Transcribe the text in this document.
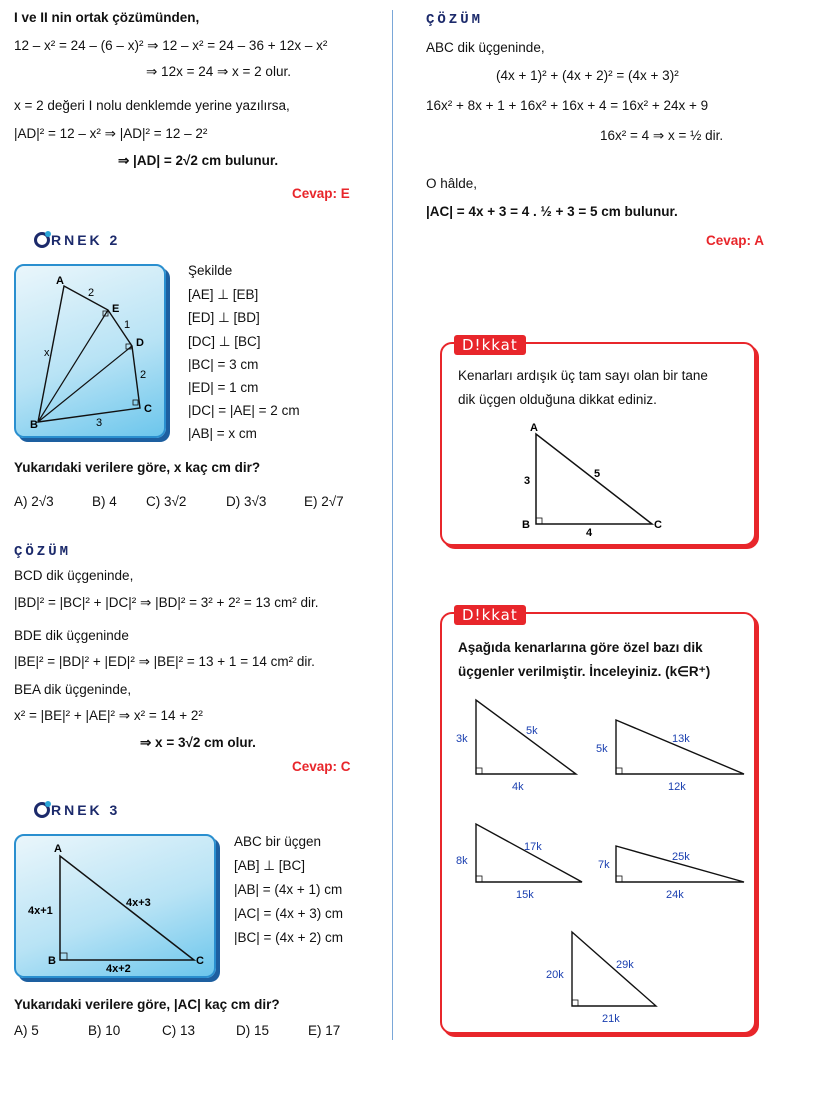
I ve II nin ortak çözümünden,
12 – x² = 24 – (6 – x)² ⇒ 12 – x² = 24 – 36 + 12x – x²
⇒ 12x = 24 ⇒ x = 2 olur.
x = 2 değeri I nolu denklemde yerine yazılırsa,
|AD|² = 12 – x² ⇒ |AD|² = 12 – 2²
⇒ |AD| = 2√2 cm bulunur.
Cevap: E
RNEK 2
A
2
E
1
D
x
2
B	3
C
Şekilde
[AE] ⊥ [EB]
[ED] ⊥ [BD]
[DC] ⊥ [BC]
|BC| = 3 cm
|ED| = 1 cm
|DC| = |AE| = 2 cm
|AB| = x cm
Yukarıdaki verilere göre, x kaç cm dir?
A) 2√3	B) 4 C) 3√2	D) 3√3	E) 2√7
ÇÖZÜM
BCD dik üçgeninde,
|BD|² = |BC|² + |DC|² ⇒ |BD|² = 3² + 2² = 13 cm² dir.
BDE dik üçgeninde
|BE|² = |BD|² + |ED|² ⇒ |BE|² = 13 + 1 = 14 cm² dir.
BEA dik üçgeninde,
x² = |BE|² + |AE|² ⇒ x² = 14 + 2²
⇒ x = 3√2 cm olur.
Cevap: C
RNEK 3
A
4x+1
4x+3
B
4x+2
C
ABC bir üçgen
[AB] ⊥ [BC]
|AB| = (4x + 1) cm
|AC| = (4x + 3) cm
|BC| = (4x + 2) cm
Yukarıdaki verilere göre, |AC| kaç cm dir?
A) 5	B) 10	C) 13	D) 15	E) 17
ÇÖZÜM
ABC dik üçgeninde,
(4x + 1)² + (4x + 2)² = (4x + 3)²
16x² + 8x + 1 + 16x² + 16x + 4 = 16x² + 24x + 9
16x² = 4 ⇒ x = ½ dir.
O hâlde,
|AC| = 4x + 3 = 4 . ½ + 3 = 5 cm bulunur.
Cevap: A
D!kkat
Kenarları ardışık üç tam sayı olan bir tane
dik üçgen olduğuna dikkat ediniz.
A
3
5
B
4
C
D!kkat
Aşağıda kenarlarına göre özel bazı dik
üçgenler verilmiştir. İnceleyiniz. (k∈R⁺)
3k
5k
4k
5k
13k
12k
8k
17k
15k
7k
25k
24k
20k
29k
21k
